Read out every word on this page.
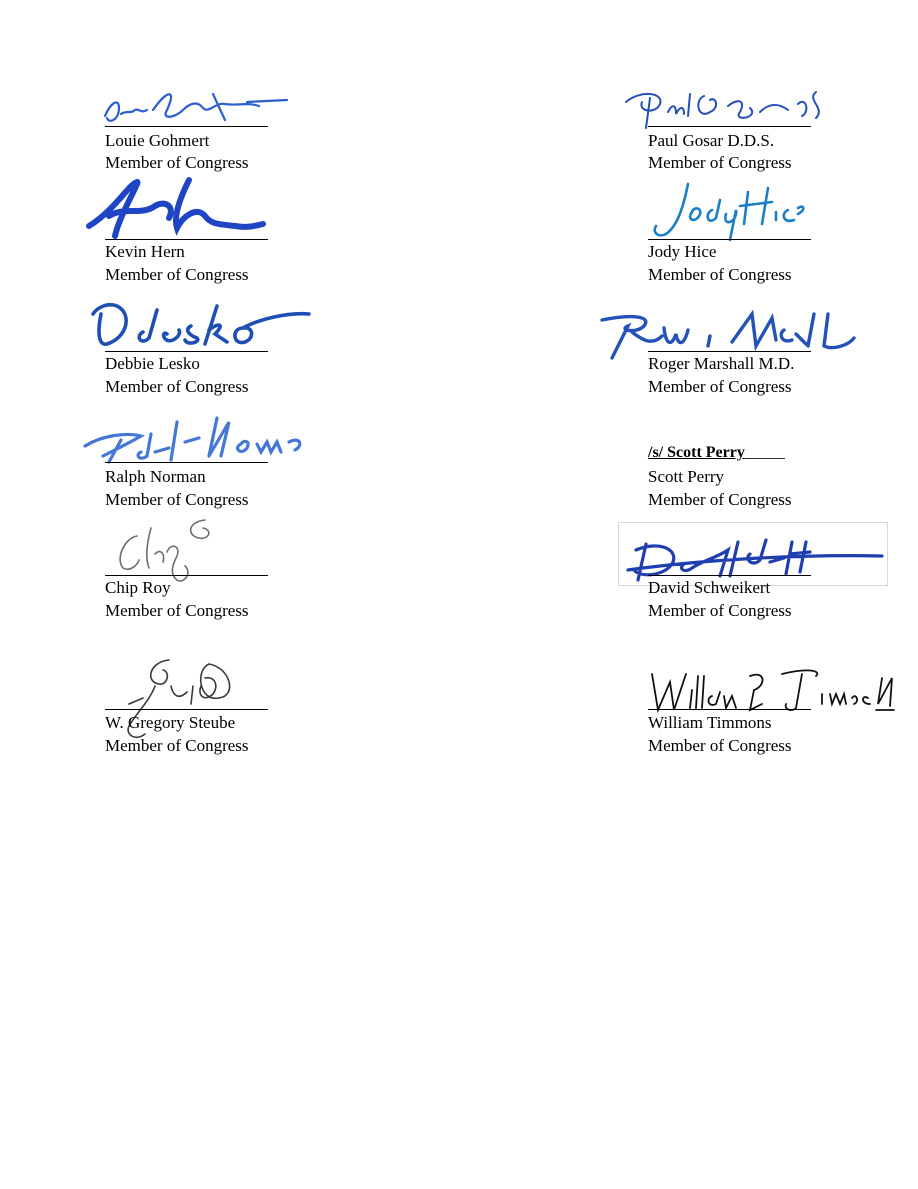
Louie Gohmert
Member of Congress
Paul Gosar D.D.S.
Member of Congress
Kevin Hern
Member of Congress
Jody Hice
Member of Congress
Debbie Lesko
Member of Congress
Roger Marshall M.D.
Member of Congress
Ralph Norman
Member of Congress
/s/ Scott Perry_____
Scott Perry
Member of Congress
Chip Roy
Member of Congress
David Schweikert
Member of Congress
W. Gregory Steube
Member of Congress
William Timmons
Member of Congress
